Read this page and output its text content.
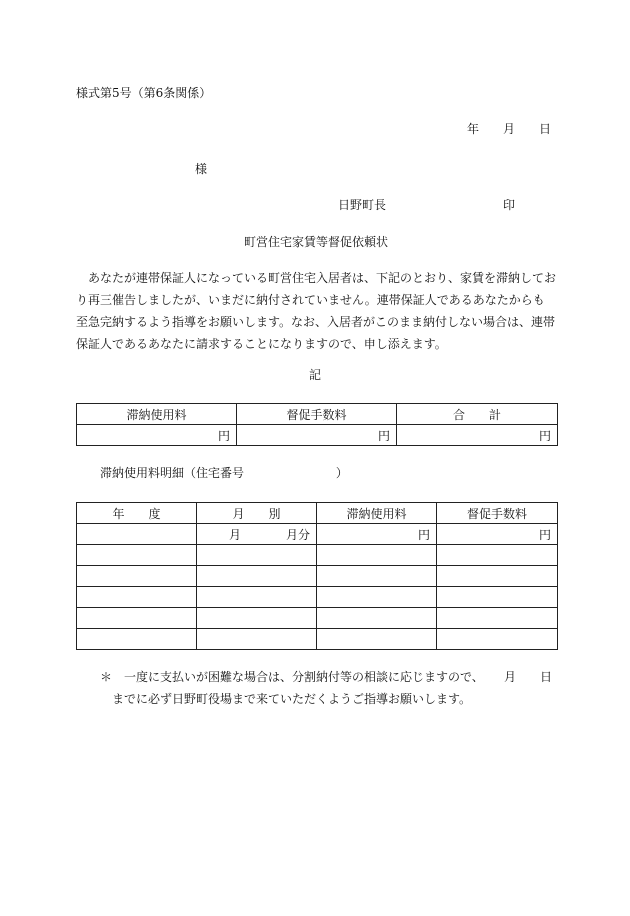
様式第5号（第6条関係）
年 月 日
様
日野町長	印
町営住宅家賃等督促依頼状

あなたが連帯保証人になっている町営住宅入居者は、下記のとおり、家賃を滞納しており再三催告しましたが、いまだに納付されていません。連帯保証人であるあなたからも至急完納するよう指導をお願いします。なお、入居者がこのまま納付しない場合は、連帯保証人であるあなたに請求することになりますので、申し添えます。

記
滞納使用料	督促手数料	合　　計
円	円	円
滞納使用料明細（住宅番号	）
年　　度	月　　別	滞納使用料	督促手数料

	月 月分	円	円

＊ 一度に支払いが困難な場合は、分割納付等の相談に応じますので、 月 日
までに必ず日野町役場まで来ていただくようご指導お願いします。
